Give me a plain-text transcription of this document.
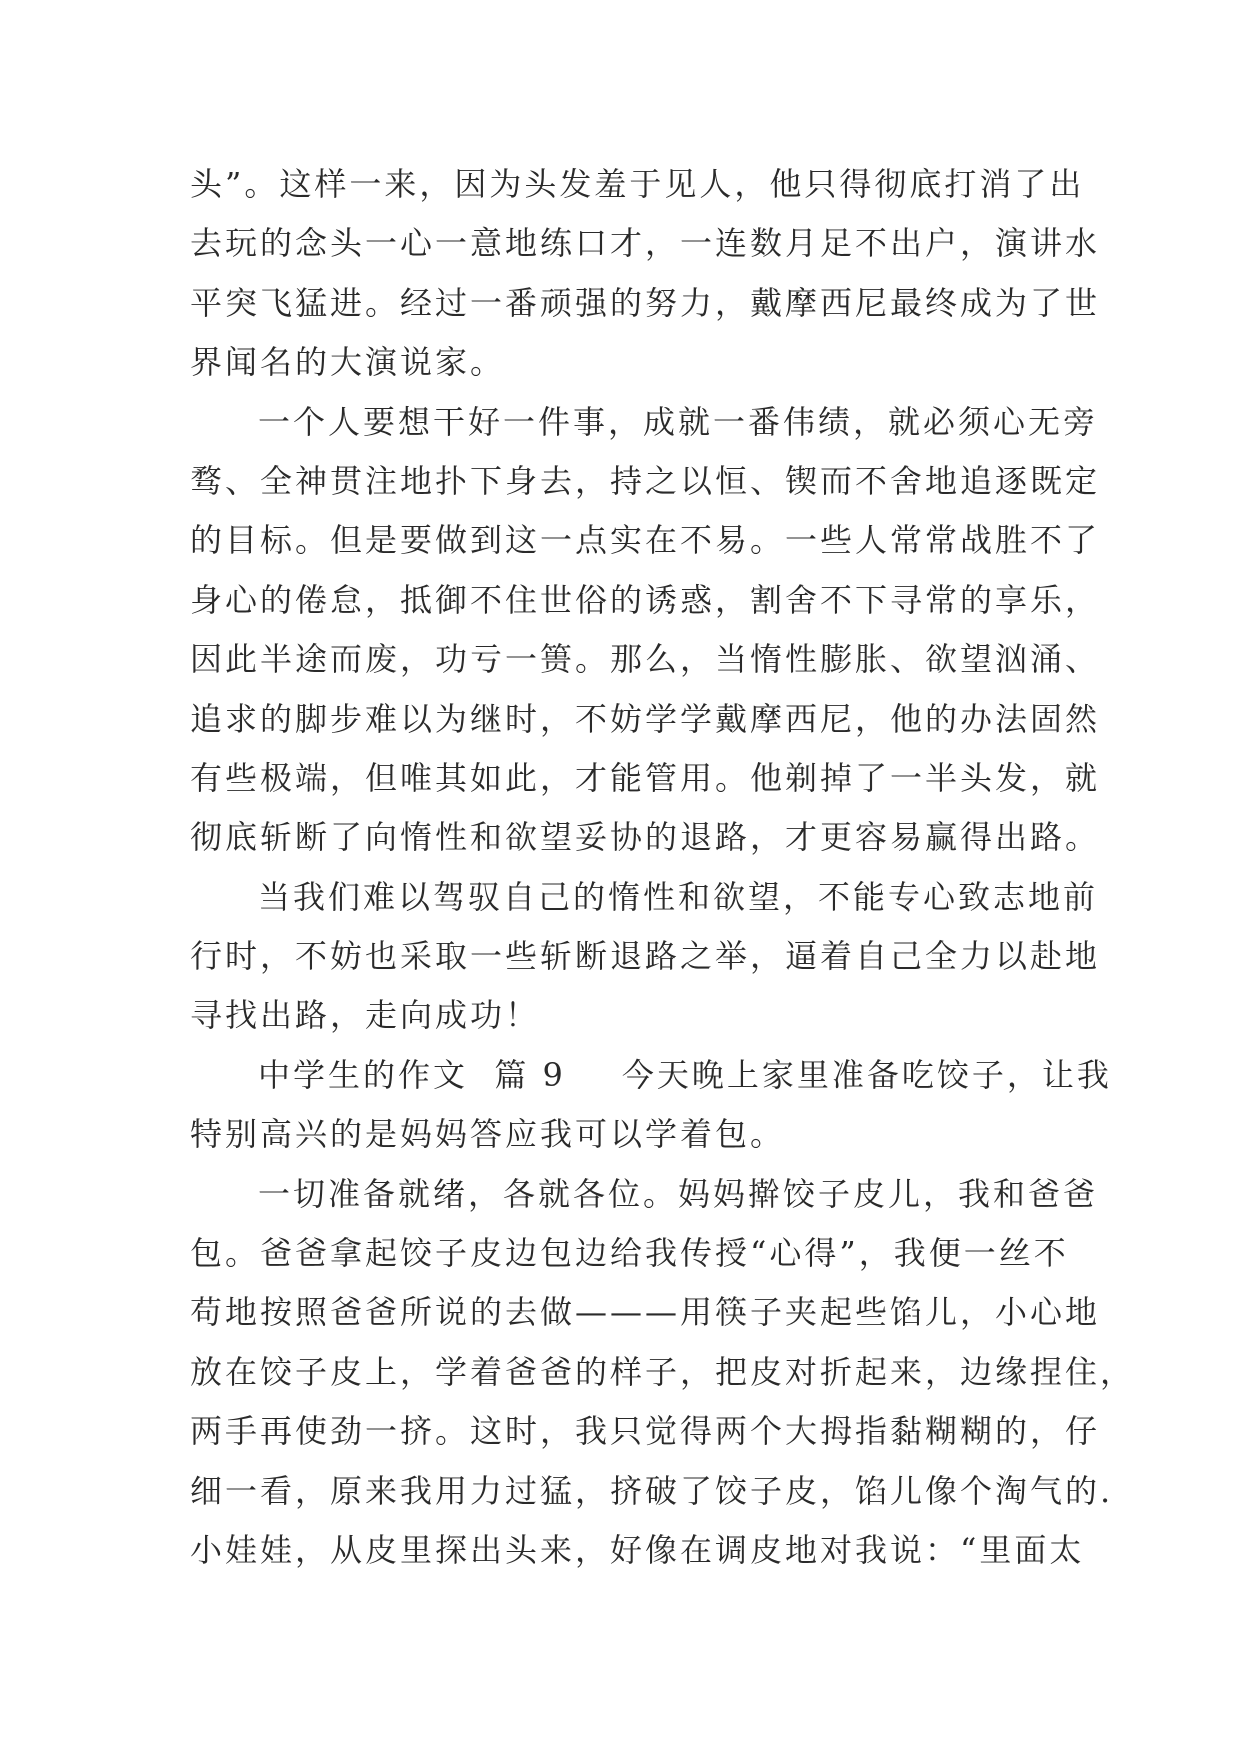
头”。这样一来，因为头发羞于见人，他只得彻底打消了出
去玩的念头一心一意地练口才，一连数月足不出户，演讲水
平突飞猛进。经过一番顽强的努力，戴摩西尼最终成为了世
界闻名的大演说家。
一个人要想干好一件事，成就一番伟绩，就必须心无旁
骛、全神贯注地扑下身去，持之以恒、锲而不舍地追逐既定
的目标。但是要做到这一点实在不易。一些人常常战胜不了
身心的倦怠，抵御不住世俗的诱惑，割舍不下寻常的享乐，
因此半途而废，功亏一篑。那么，当惰性膨胀、欲望汹涌、
追求的脚步难以为继时，不妨学学戴摩西尼，他的办法固然
有些极端，但唯其如此，才能管用。他剃掉了一半头发，就
彻底斩断了向惰性和欲望妥协的退路，才更容易赢得出路。
当我们难以驾驭自己的惰性和欲望，不能专心致志地前
行时，不妨也采取一些斩断退路之举，逼着自己全力以赴地
寻找出路，走向成功！
中学生的作文 篇 9 今天晚上家里准备吃饺子，让我
特别高兴的是妈妈答应我可以学着包。
一切准备就绪，各就各位。妈妈擀饺子皮儿，我和爸爸
包。爸爸拿起饺子皮边包边给我传授“心得”，我便一丝不
苟地按照爸爸所说的去做———用筷子夹起些馅儿，小心地
放在饺子皮上，学着爸爸的样子，把皮对折起来，边缘捏住，
两手再使劲一挤。这时，我只觉得两个大拇指黏糊糊的，仔
细一看，原来我用力过猛，挤破了饺子皮，馅儿像个淘气的.
小娃娃，从皮里探出头来，好像在调皮地对我说：“里面太
